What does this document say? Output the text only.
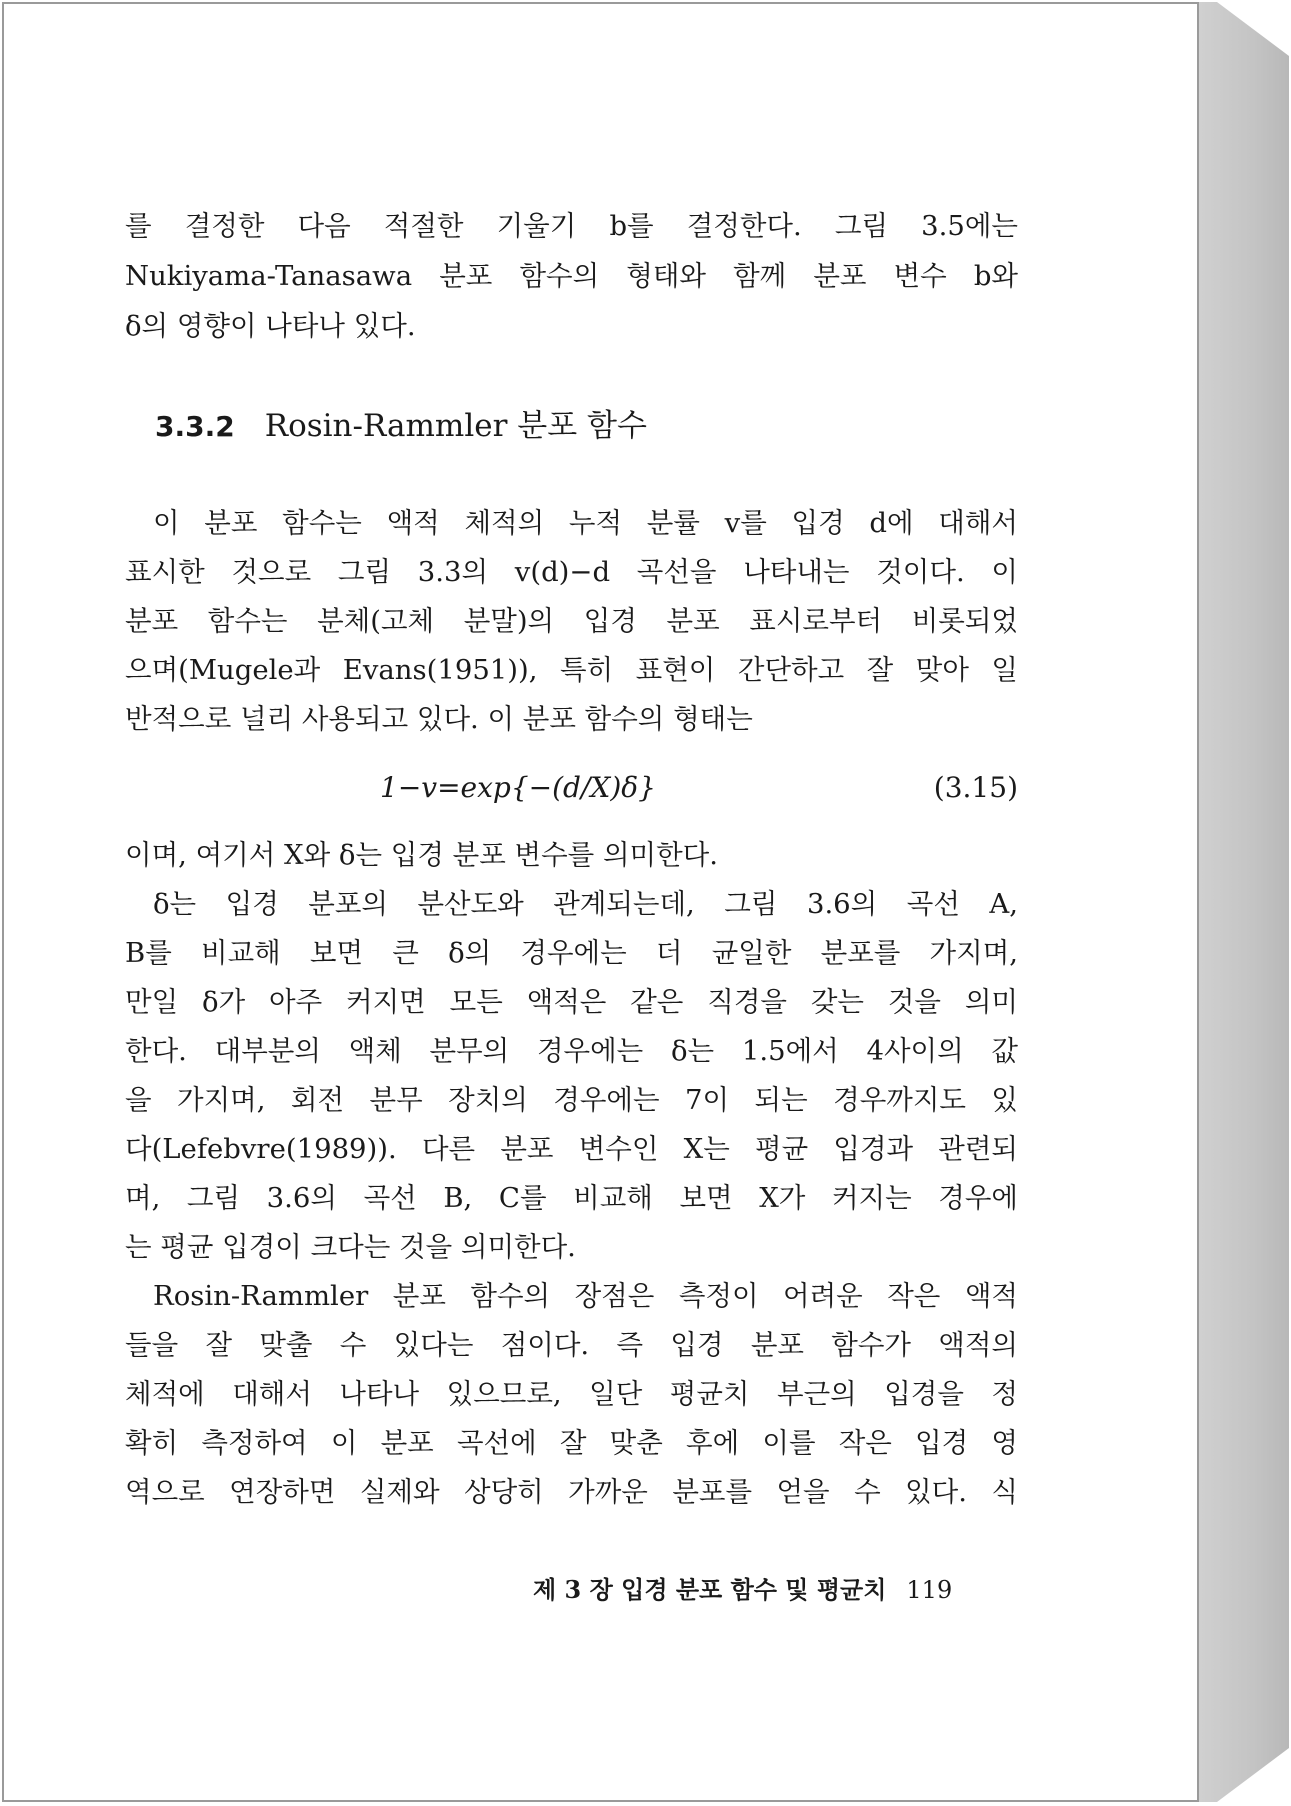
를 결정한 다음 적절한 기울기 b를 결정한다. 그림 3.5에는
Nukiyama-Tanasawa 분포 함수의 형태와 함께 분포 변수 b와
δ의 영향이 나타나 있다.
3.3.2 Rosin-Rammler 분포 함수
이 분포 함수는 액적 체적의 누적 분률 v를 입경 d에 대해서
표시한 것으로 그림 3.3의 v(d)−d 곡선을 나타내는 것이다. 이
분포 함수는 분체(고체 분말)의 입경 분포 표시로부터 비롯되었
으며(Mugele과 Evans(1951)), 특히 표현이 간단하고 잘 맞아 일
반적으로 널리 사용되고 있다. 이 분포 함수의 형태는
1−v=exp{−(d/X)δ}	(3.15)
이며, 여기서 X와 δ는 입경 분포 변수를 의미한다.
δ는 입경 분포의 분산도와 관계되는데, 그림 3.6의 곡선 A,
B를 비교해 보면 큰 δ의 경우에는 더 균일한 분포를 가지며,
만일 δ가 아주 커지면 모든 액적은 같은 직경을 갖는 것을 의미
한다. 대부분의 액체 분무의 경우에는 δ는 1.5에서 4사이의 값
을 가지며, 회전 분무 장치의 경우에는 7이 되는 경우까지도 있
다(Lefebvre(1989)). 다른 분포 변수인 X는 평균 입경과 관련되
며, 그림 3.6의 곡선 B, C를 비교해 보면 X가 커지는 경우에
는 평균 입경이 크다는 것을 의미한다.
Rosin-Rammler 분포 함수의 장점은 측정이 어려운 작은 액적
들을 잘 맞출 수 있다는 점이다. 즉 입경 분포 함수가 액적의
체적에 대해서 나타나 있으므로, 일단 평균치 부근의 입경을 정
확히 측정하여 이 분포 곡선에 잘 맞춘 후에 이를 작은 입경 영
역으로 연장하면 실제와 상당히 가까운 분포를 얻을 수 있다. 식
제 3 장 입경 분포 함수 및 평균치 119
